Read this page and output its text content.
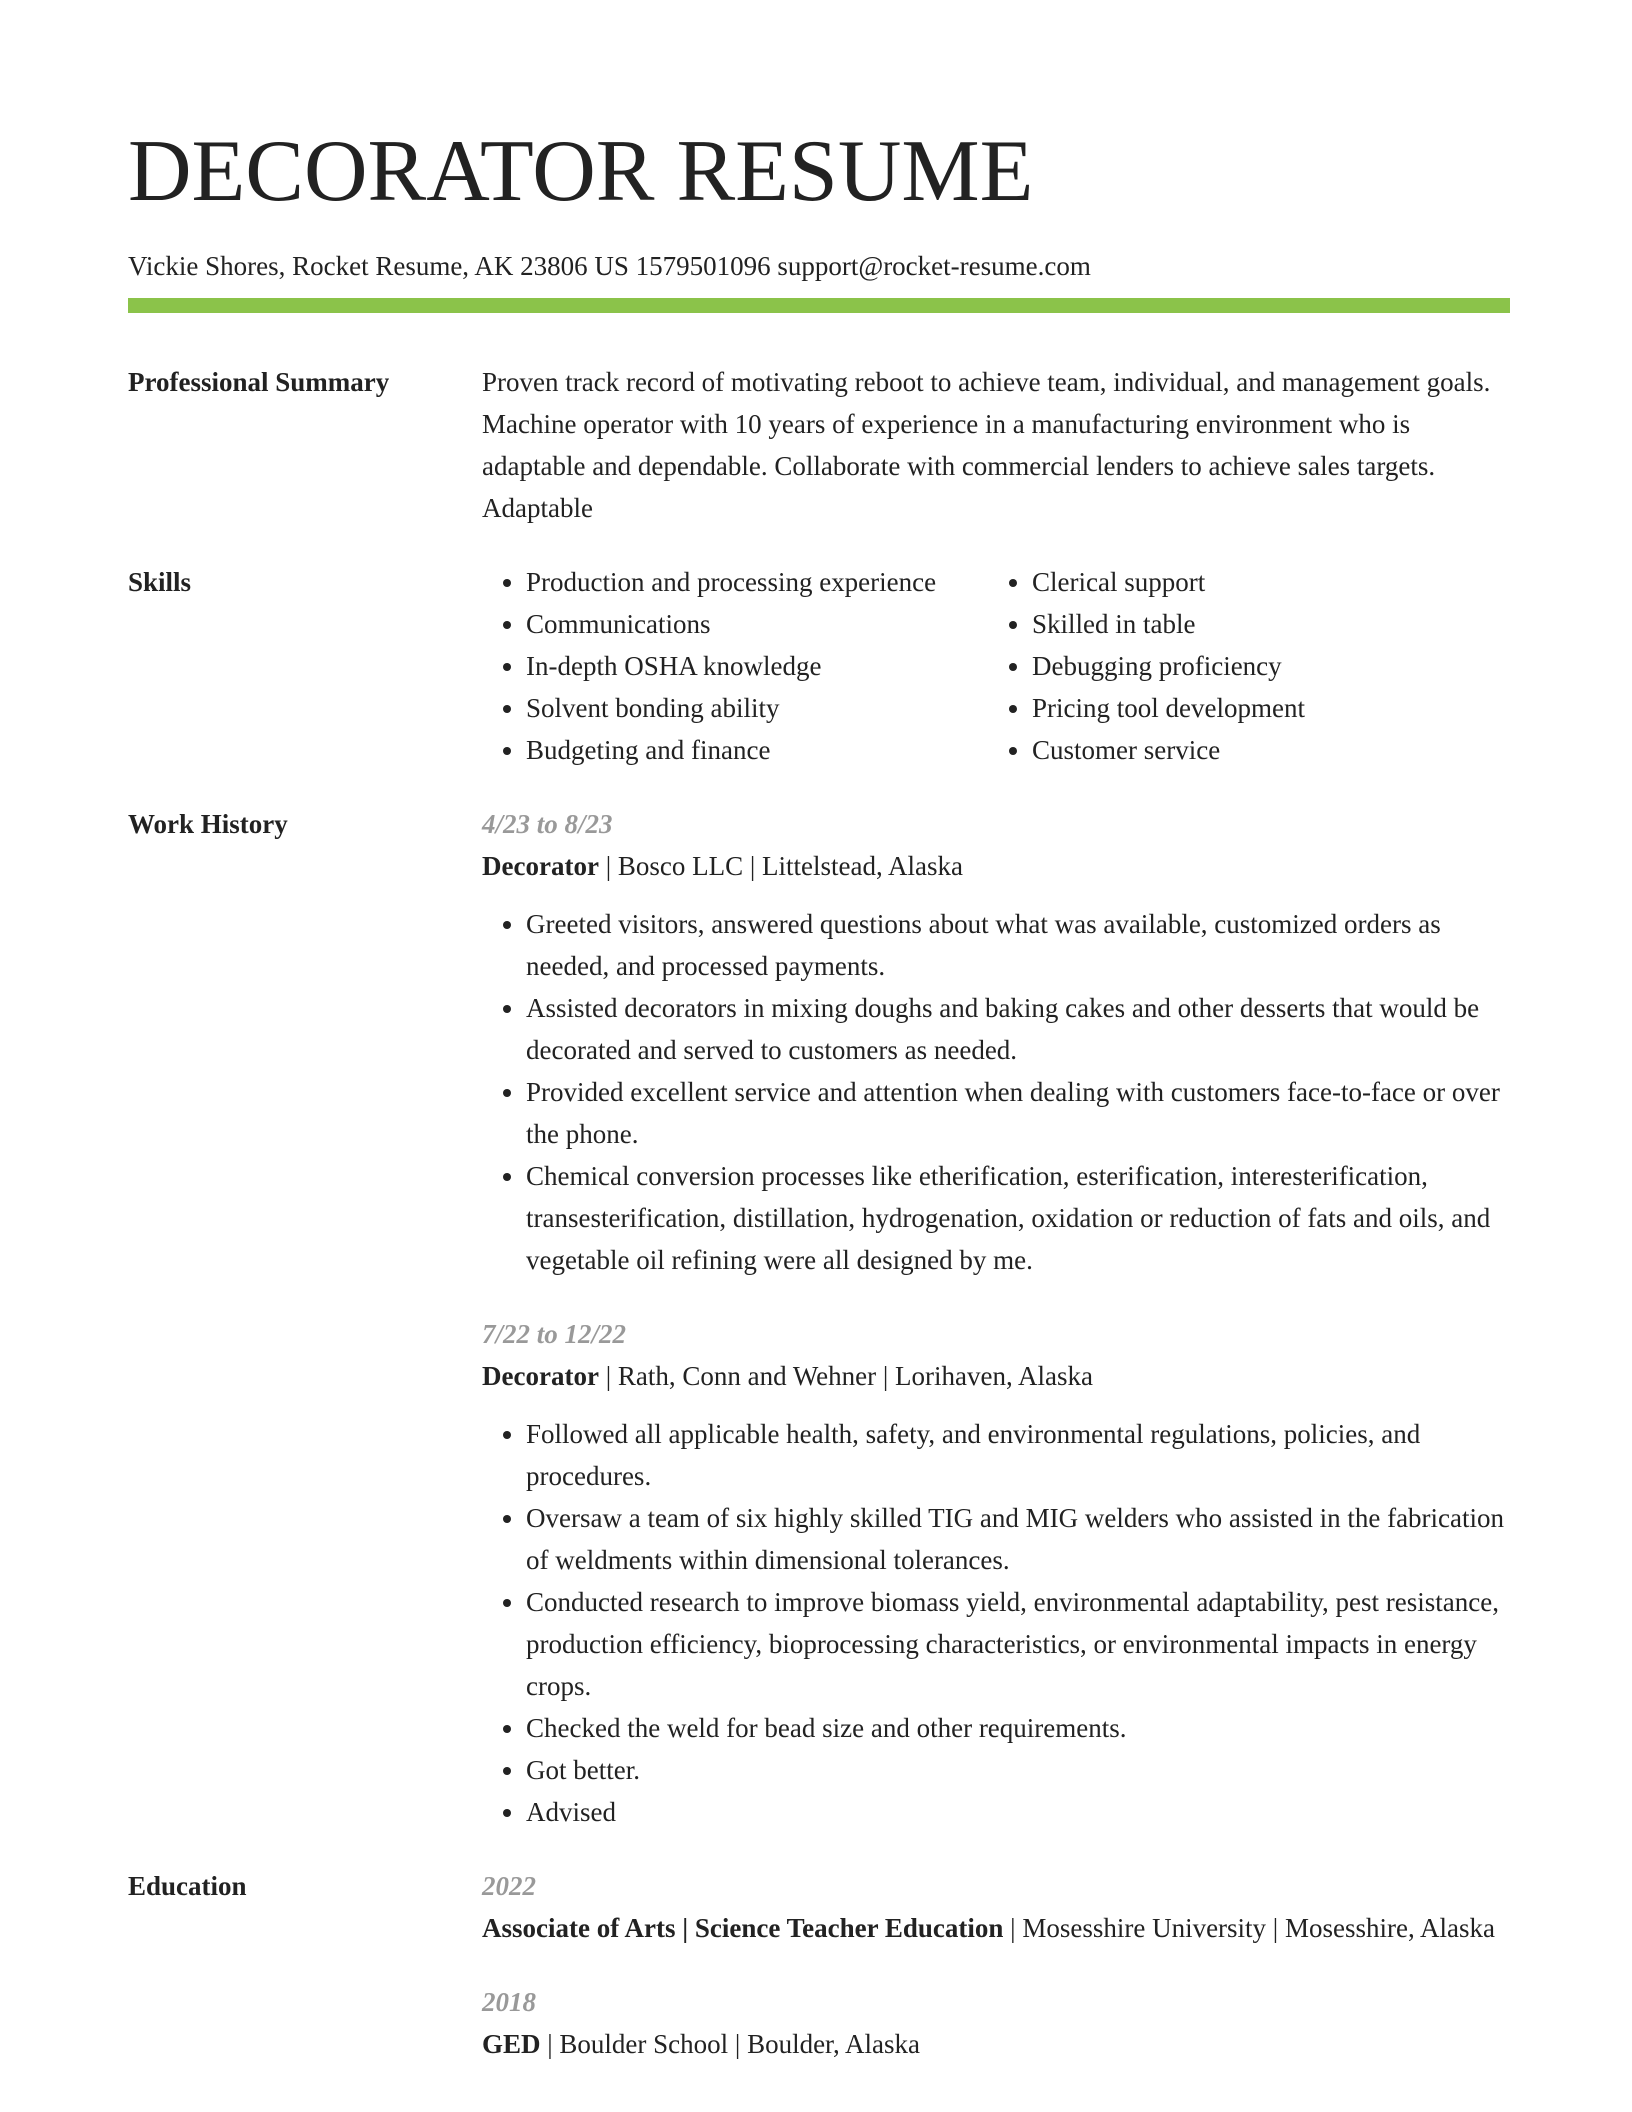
DECORATOR RESUME
Vickie Shores, Rocket Resume, AK 23806 US 1579501096 support@rocket-resume.com
Professional Summary	Proven track record of motivating reboot to achieve team, individual, and management goals. Machine operator with 10 years of experience in a manufacturing environment who is adaptable and dependable. Collaborate with commercial lenders to achieve sales targets. Adaptable
Skills
•	Production and processing experience
• Communications
• In-depth OSHA knowledge
• Solvent bonding ability
• Budgeting and finance
• Clerical support
• Skilled in table
• Debugging proficiency
• Pricing tool development
• Customer service
Work History	4/23 to 8/23
Decorator | Bosco LLC | Littelstead, Alaska
• Greeted visitors, answered questions about what was available, customized orders as needed, and processed payments.
• Assisted decorators in mixing doughs and baking cakes and other desserts that would be decorated and served to customers as needed.
• Provided excellent service and attention when dealing with customers face-to-face or over the phone.
• Chemical conversion processes like etherification, esterification, interesterification, transesterification, distillation, hydrogenation, oxidation or reduction of fats and oils, and vegetable oil refining were all designed by me.
7/22 to 12/22
Decorator | Rath, Conn and Wehner | Lorihaven, Alaska
• Followed all applicable health, safety, and environmental regulations, policies, and procedures.
• Oversaw a team of six highly skilled TIG and MIG welders who assisted in the fabrication of weldments within dimensional tolerances.
• Conducted research to improve biomass yield, environmental adaptability, pest resistance, production efficiency, bioprocessing characteristics, or environmental impacts in energy crops.
• Checked the weld for bead size and other requirements.
• Got better.
• Advised
Education	2022
Associate of Arts | Science Teacher Education | Mosesshire University | Mosesshire, Alaska
2018
GED | Boulder School | Boulder, Alaska
